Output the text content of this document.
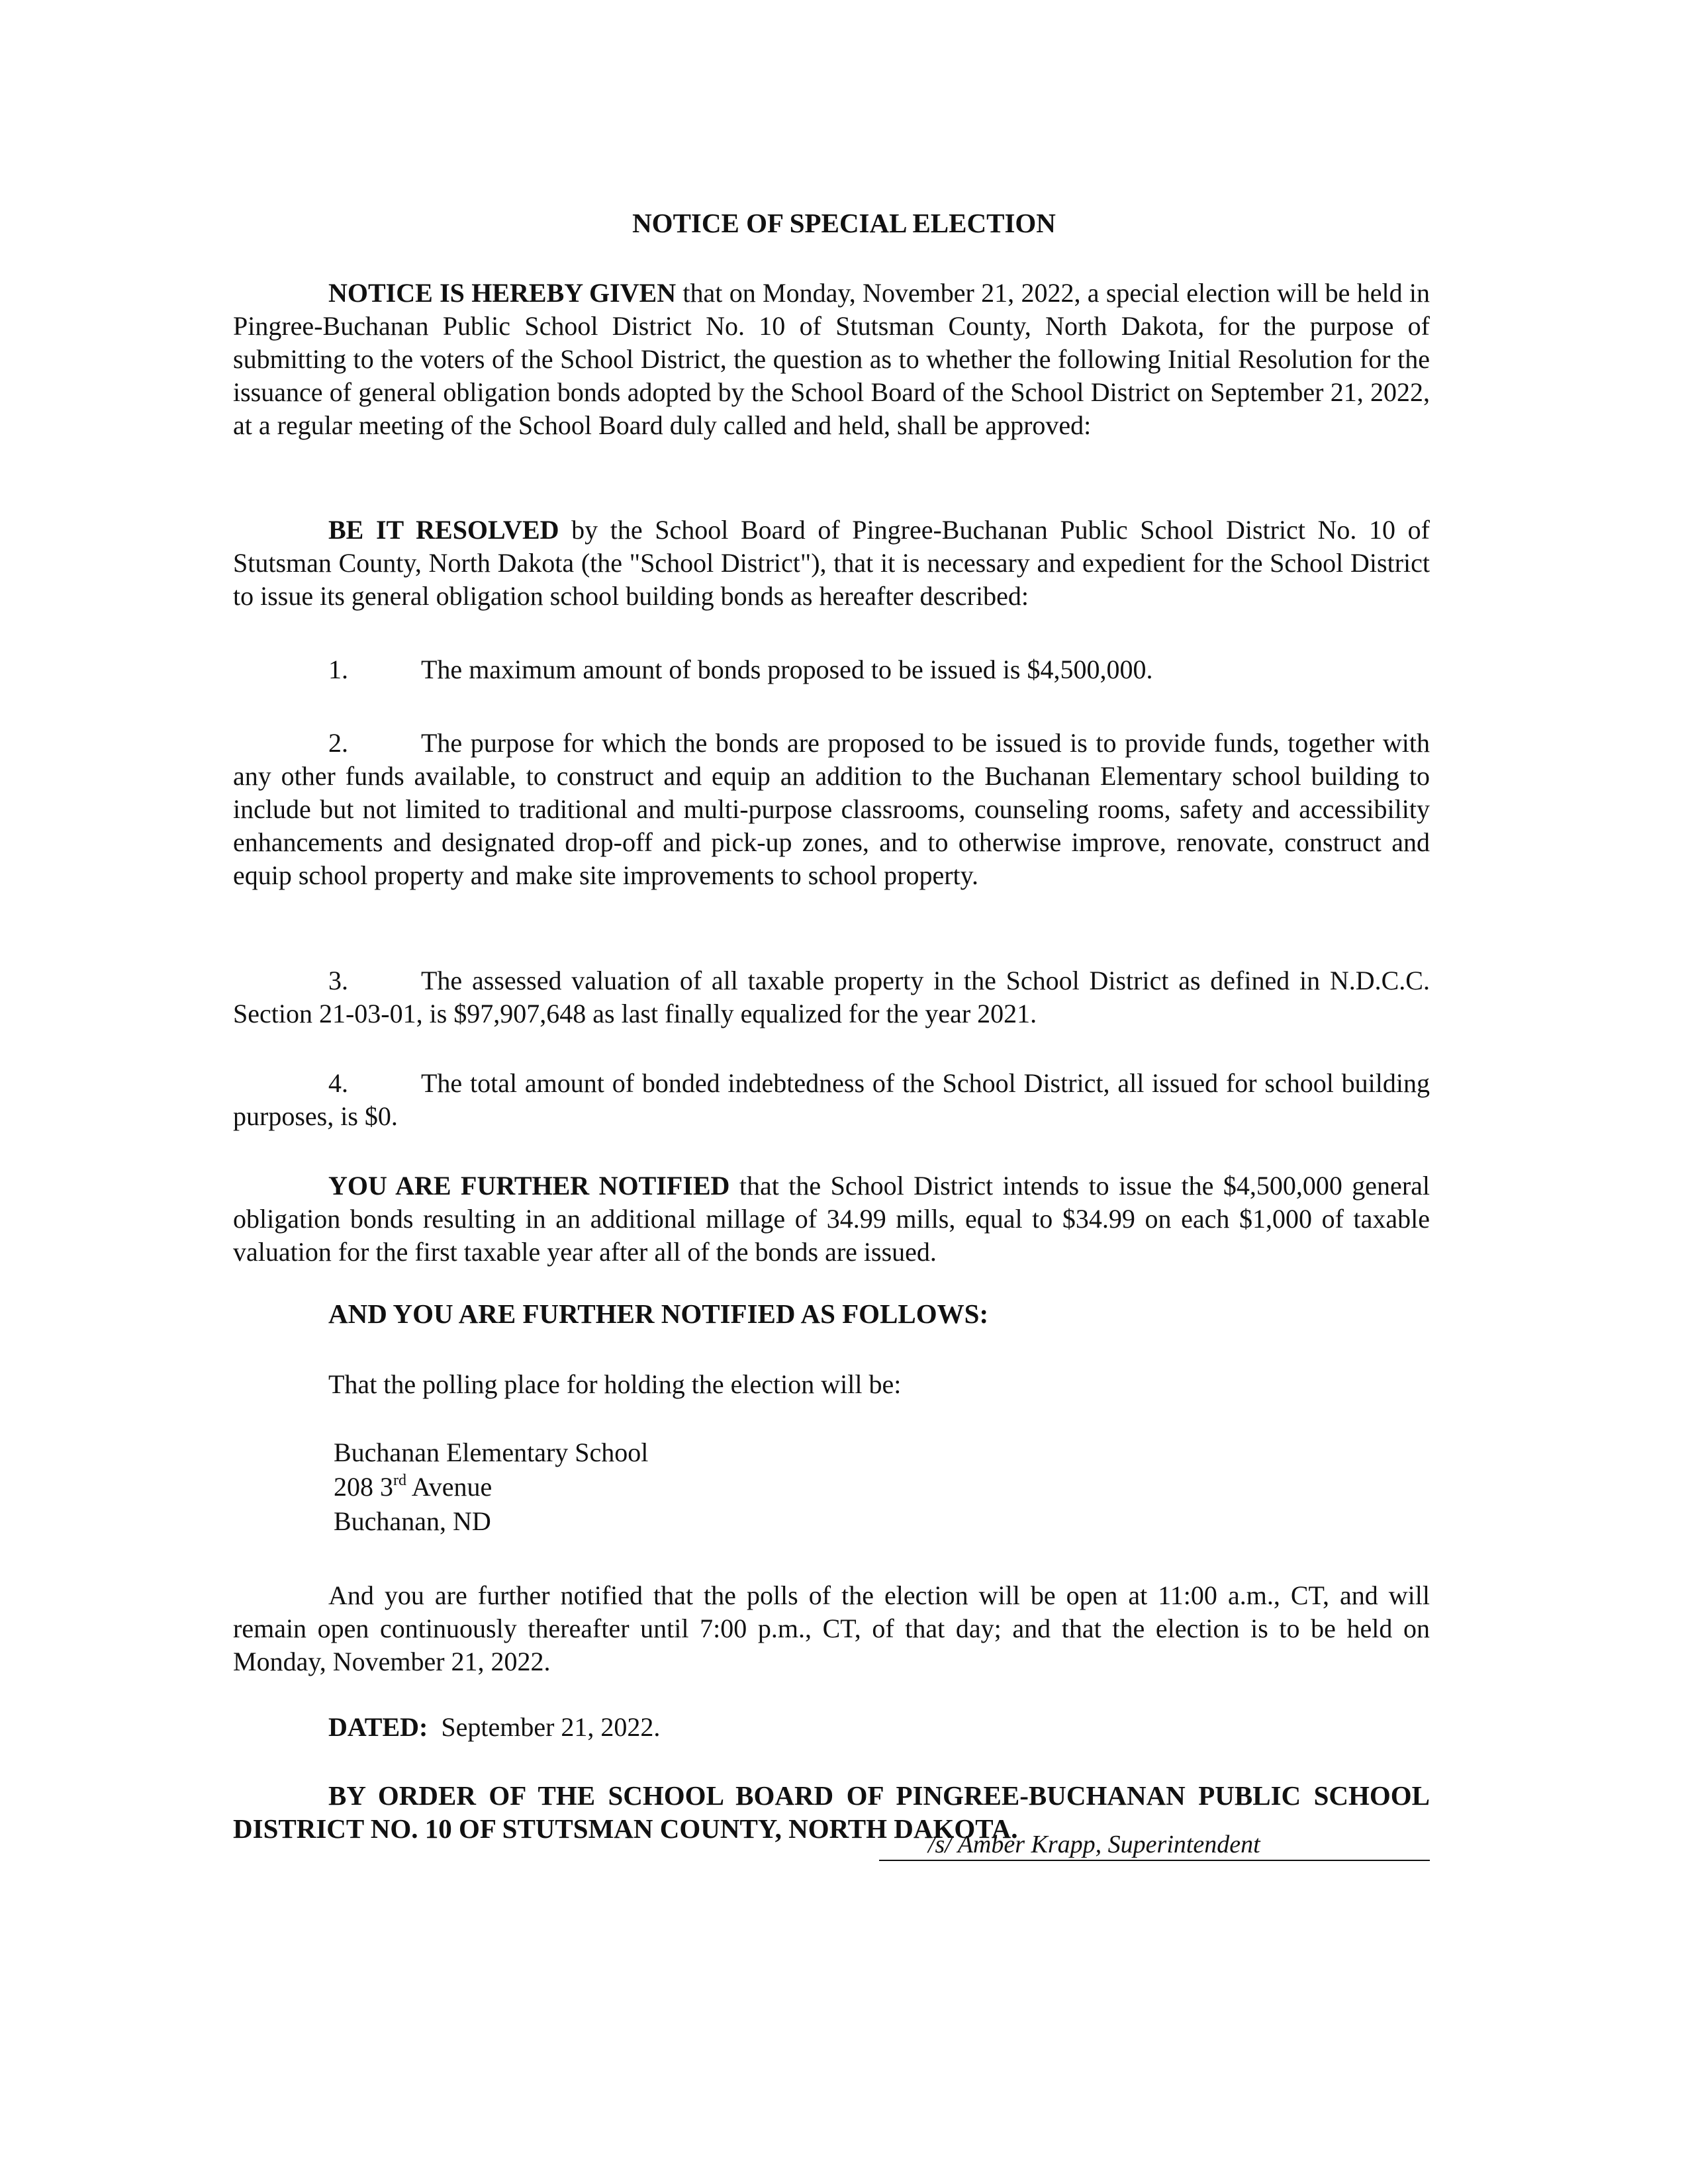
NOTICE OF SPECIAL ELECTION
NOTICE IS HEREBY GIVEN that on Monday, November 21, 2022, a special election will be held in Pingree-Buchanan Public School District No. 10 of Stutsman County, North Dakota, for the purpose of submitting to the voters of the School District, the question as to whether the following Initial Resolution for the issuance of general obligation bonds adopted by the School Board of the School District on September 21, 2022, at a regular meeting of the School Board duly called and held, shall be approved:
BE IT RESOLVED by the School Board of Pingree-Buchanan Public School District No. 10 of Stutsman County, North Dakota (the "School District"), that it is necessary and expedient for the School District to issue its general obligation school building bonds as hereafter described:
1.	The maximum amount of bonds proposed to be issued is $4,500,000.
2.	The purpose for which the bonds are proposed to be issued is to provide funds, together with any other funds available, to construct and equip an addition to the Buchanan Elementary school building to include but not limited to traditional and multi-purpose classrooms, counseling rooms, safety and accessibility enhancements and designated drop-off and pick-up zones, and to otherwise improve, renovate, construct and equip school property and make site improvements to school property.
3.	The assessed valuation of all taxable property in the School District as defined in N.D.C.C. Section 21-03-01, is $97,907,648 as last finally equalized for the year 2021.
4.	The total amount of bonded indebtedness of the School District, all issued for school building purposes, is $0.
YOU ARE FURTHER NOTIFIED that the School District intends to issue the $4,500,000 general obligation bonds resulting in an additional millage of 34.99 mills, equal to $34.99 on each $1,000 of taxable valuation for the first taxable year after all of the bonds are issued.
AND YOU ARE FURTHER NOTIFIED AS FOLLOWS:
That the polling place for holding the election will be:
Buchanan Elementary School
208 3rd Avenue
Buchanan, ND
And you are further notified that the polls of the election will be open at 11:00 a.m., CT, and will remain open continuously thereafter until 7:00 p.m., CT, of that day; and that the election is to be held on Monday, November 21, 2022.
DATED: September 21, 2022.
BY ORDER OF THE SCHOOL BOARD OF PINGREE-BUCHANAN PUBLIC SCHOOL DISTRICT NO. 10 OF STUTSMAN COUNTY, NORTH DAKOTA.
/s/ Amber Krapp, Superintendent
